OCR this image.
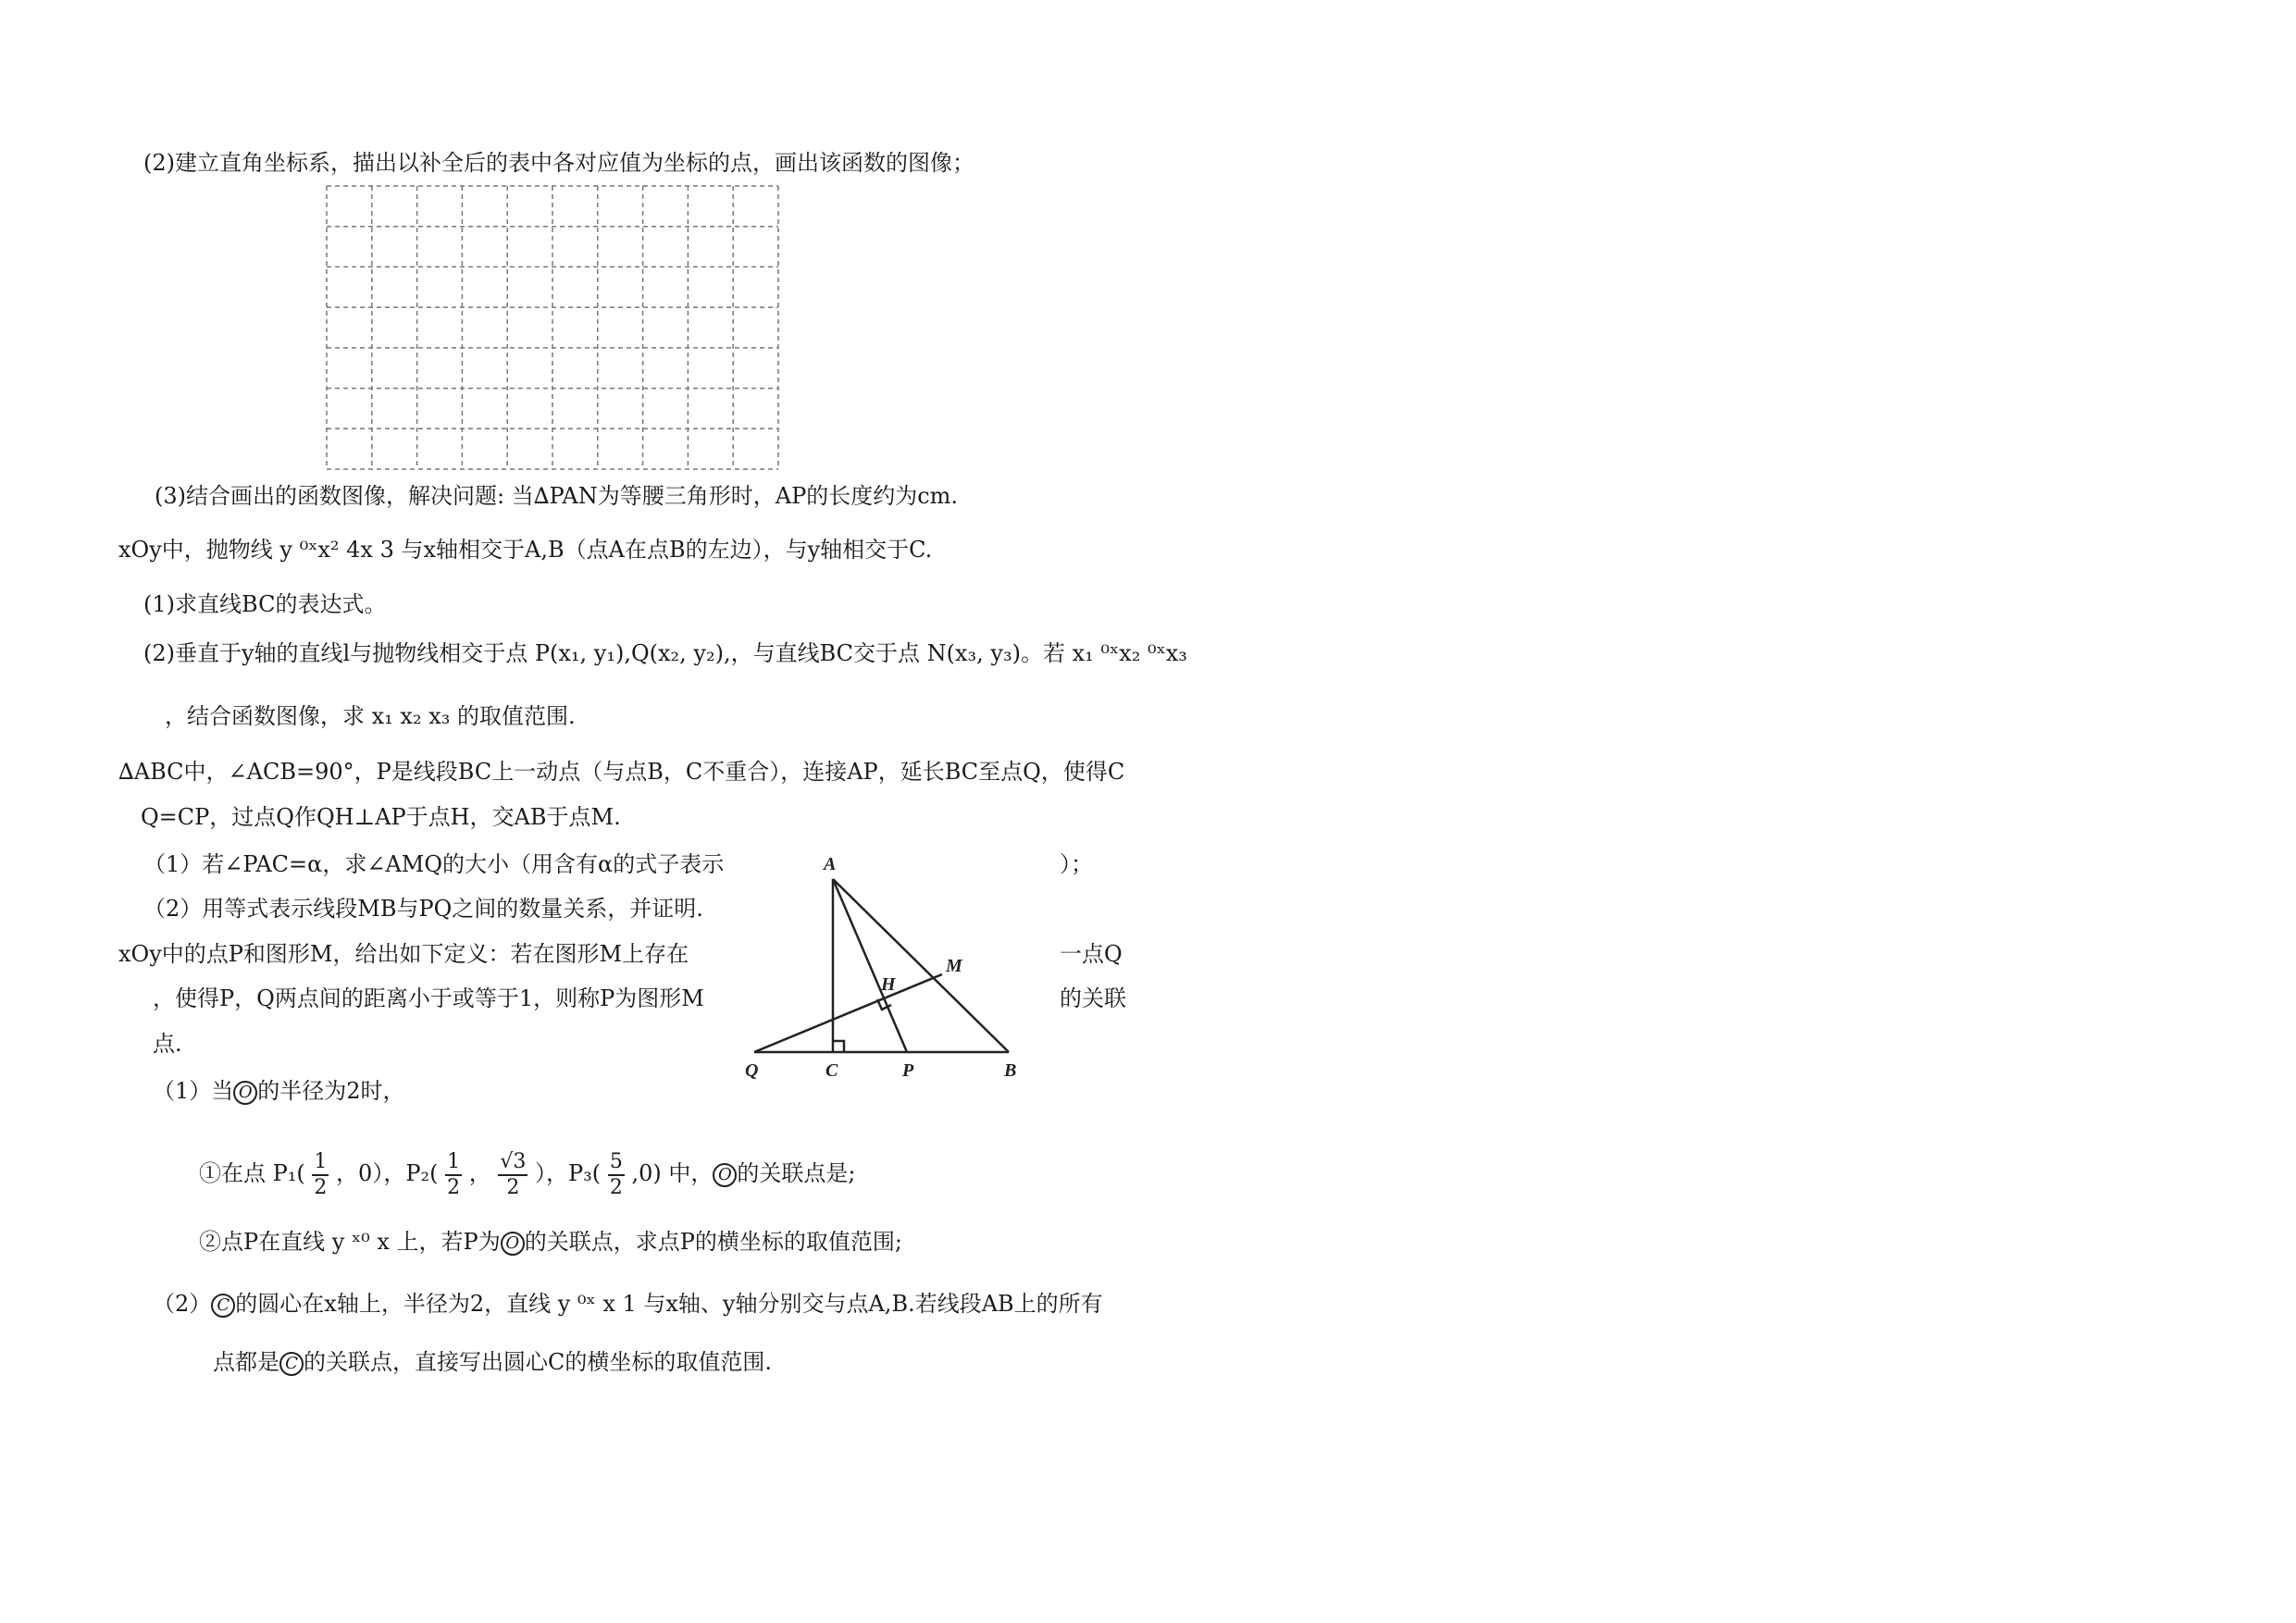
(2)建立直角坐标系，描出以补全后的表中各对应值为坐标的点，画出该函数的图像；
(3)结合画出的函数图像，解决问题: 当∆PAN为等腰三角形时，AP的长度约为cm.
xOy中，抛物线 y ⁰ˣx² 4x 3 与x轴相交于A,B（点A在点B的左边），与y轴相交于C.
(1)求直线BC的表达式。
(2)垂直于y轴的直线l与抛物线相交于点 P(x₁, y₁),Q(x₂, y₂),，与直线BC交于点 N(x₃, y₃)。若 x₁ ⁰ˣx₂ ⁰ˣx₃
，结合函数图像，求 x₁ x₂ x₃ 的取值范围.
∆ABC中，∠ACB=90°，P是线段BC上一动点（与点B，C不重合），连接AP，延长BC至点Q，使得C
Q=CP，过点Q作QH⊥AP于点H，交AB于点M.
（1）若∠PAC=α，求∠AMQ的大小（用含有α的式子表示	）；
（2）用等式表示线段MB与PQ之间的数量关系，并证明.
xOy中的点P和图形M，给出如下定义：若在图形M上存在	一点Q
，使得P，Q两点间的距离小于或等于1，则称P为图形M	的关联
点.
（1）当 O 的半径为2时，
①在点 $P_1( \frac{1}{2}$ ，0），$P_2( \frac{1}{2}$ ， $\frac{√3}{2}$ ），$P_3( \frac{5}{2} ,0)$ 中， O 的关联点是;
②点P在直线 y ˣ⁰ x 上，若P为 O 的关联点，求点P的横坐标的取值范围;
（2） C 的圆心在x轴上，半径为2，直线 y ⁰ˣ x 1 与x轴、y轴分别交与点A,B.若线段AB上的所有
点都是 C 的关联点，直接写出圆心C的横坐标的取值范围.
A
M
H
Q	C	P	B
